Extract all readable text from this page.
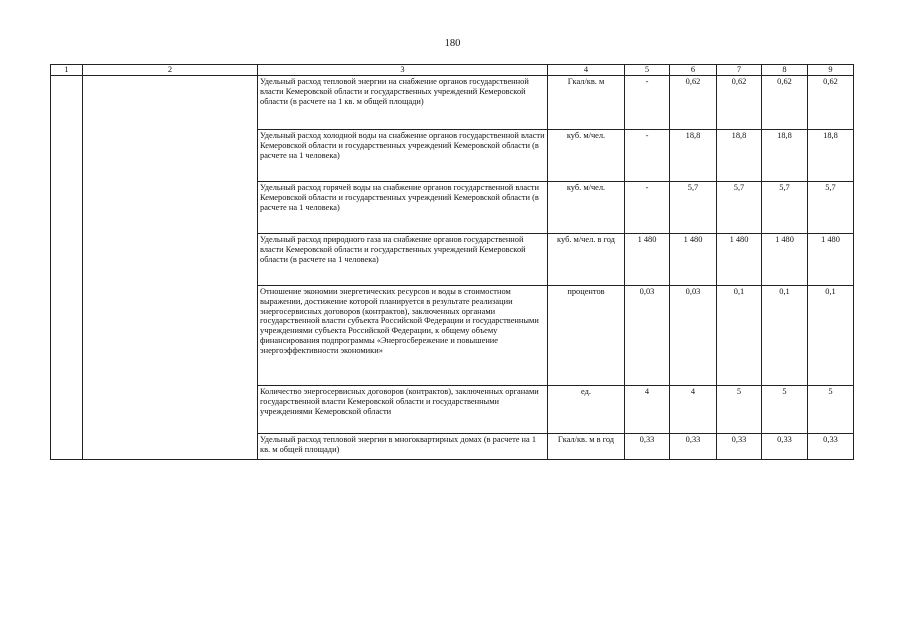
180
1	2	3	4	5	6	7	8	9
		Удельный расход тепловой энергии на снабжение органов государственной власти Кемеровской области и государственных учреждений Кемеровской области (в расчете на 1 кв. м общей площади)	Гкал/кв. м	-	0,62	0,62	0,62	0,62
		Удельный расход холодной воды на снабжение органов государственной власти Кемеровской области и государственных учреждений Кемеровской области (в расчете на 1 человека)	куб. м/чел.	-	18,8	18,8	18,8	18,8
		Удельный расход горячей воды на снабжение органов государственной власти Кемеровской области и государственных учреждений Кемеровской области (в расчете на 1 человека)	куб. м/чел.	-	5,7	5,7	5,7	5,7
		Удельный расход природного газа на снабжение органов государственной власти Кемеровской области и государственных учреждений Кемеровской области (в расчете на 1 человека)	куб. м/чел. в год	1 480	1 480	1 480	1 480	1 480
		Отношение экономии энергетических ресурсов и воды в стоимостном выражении, достижение которой планируется в результате реализации энергосервисных договоров (контрактов), заключенных органами государственной власти субъекта Российской Федерации и государственными учреждениями субъекта Российской Федерации, к общему объему финансирования подпрограммы «Энергосбережение и повышение энергоэффективности экономики»	процентов	0,03	0,03	0,1	0,1	0,1
		Количество энергосервисных договоров (контрактов), заключенных органами государственной власти Кемеровской области и государственными учреждениями Кемеровской области	ед.	4	4	5	5	5
		Удельный расход тепловой энергии в многоквартирных домах (в расчете на 1 кв. м общей площади)	Гкал/кв. м в год	0,33	0,33	0,33	0,33	0,33
